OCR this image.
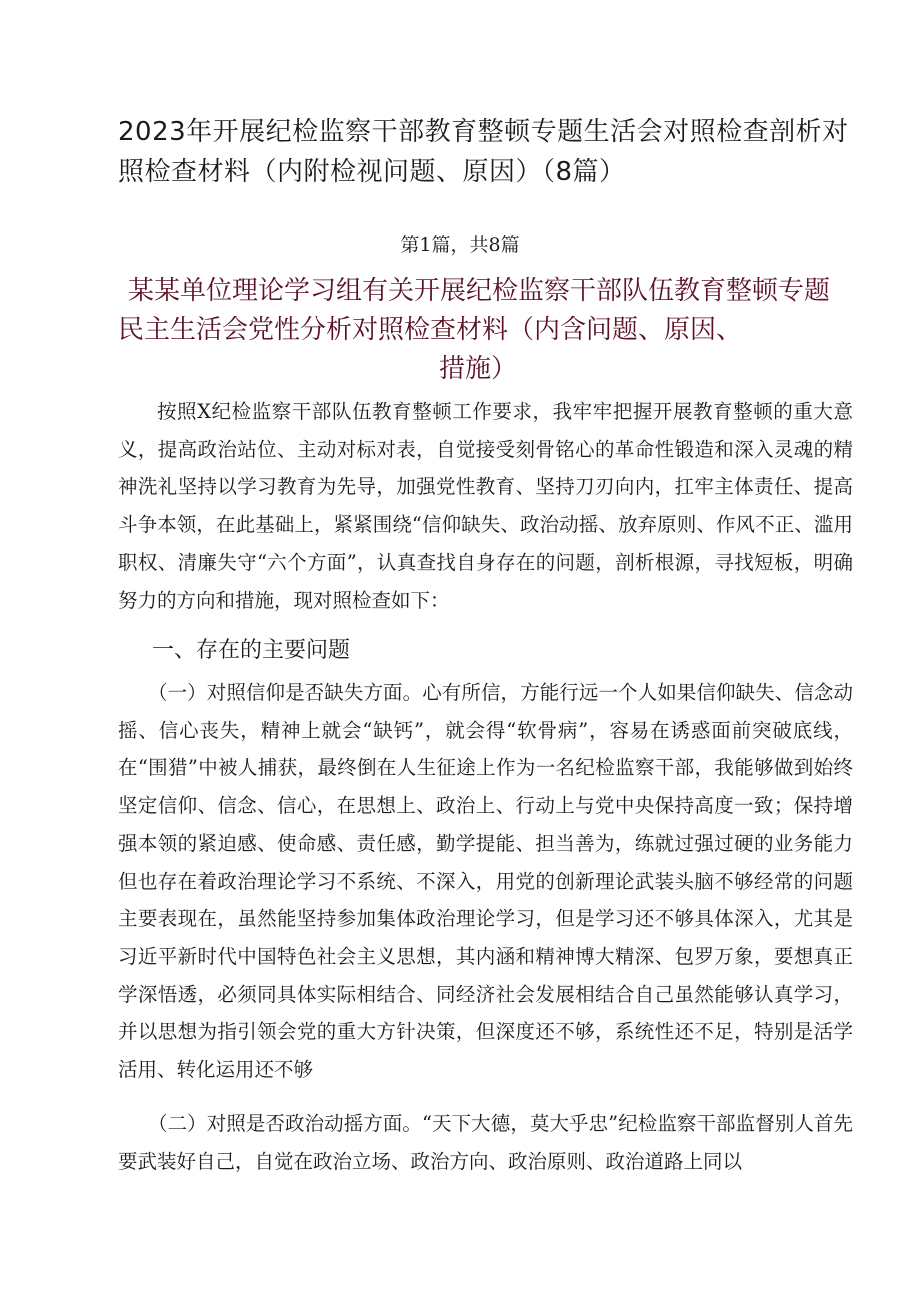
2023年开展纪检监察干部教育整顿专题生活会对照检查剖析对照检查材料（内附检视问题、原因）（8篇）
第1篇，共8篇
某某单位理论学习组有关开展纪检监察干部队伍教育整顿专题
民主生活会党性分析对照检查材料（内含问题、原因、
措施）

按照X纪检监察干部队伍教育整顿工作要求，我牢牢把握开展教育整顿的重大意义，提高政治站位、主动对标对表，自觉接受刻骨铭心的革命性锻造和深入灵魂的精神洗礼坚持以学习教育为先导，加强党性教育、坚持刀刃向内，扛牢主体责任、提高斗争本领，在此基础上，紧紧围绕“信仰缺失、政治动摇、放弃原则、作风不正、滥用职权、清廉失守“六个方面”，认真查找自身存在的问题，剖析根源，寻找短板，明确努力的方向和措施，现对照检查如下：

一、存在的主要问题

（一）对照信仰是否缺失方面。心有所信，方能行远一个人如果信仰缺失、信念动摇、信心丧失，精神上就会“缺钙”，就会得“软骨病”，容易在诱惑面前突破底线，在“围猎”中被人捕获，最终倒在人生征途上作为一名纪检监察干部，我能够做到始终坚定信仰、信念、信心，在思想上、政治上、行动上与党中央保持高度一致；保持增强本领的紧迫感、使命感、责任感，勤学提能、担当善为，练就过强过硬的业务能力但也存在着政治理论学习不系统、不深入，用党的创新理论武装头脑不够经常的问题主要表现在，虽然能坚持参加集体政治理论学习，但是学习还不够具体深入，尤其是习近平新时代中国特色社会主义思想，其内涵和精神博大精深、包罗万象，要想真正学深悟透，必须同具体实际相结合、同经济社会发展相结合自己虽然能够认真学习，并以思想为指引领会党的重大方针决策，但深度还不够，系统性还不足，特别是活学活用、转化运用还不够

（二）对照是否政治动摇方面。“天下大德，莫大乎忠”纪检监察干部监督别人首先要武装好自己，自觉在政治立场、政治方向、政治原则、政治道路上同以
